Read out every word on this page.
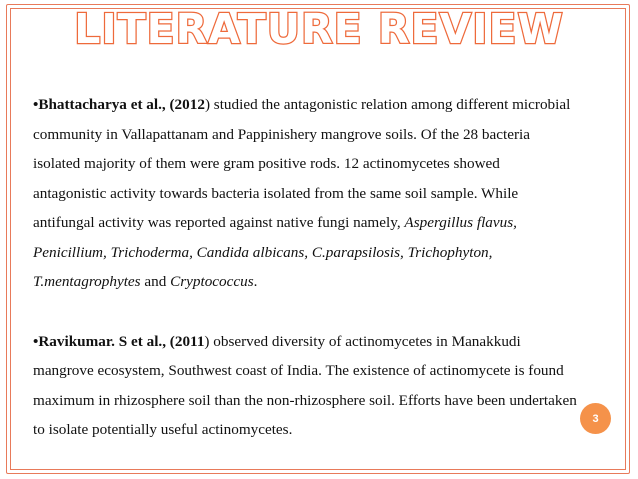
LITERATURE REVIEW
•Bhattacharya et al., (2012) studied the antagonistic relation among different microbial
community in Vallapattanam and Pappinishery mangrove soils. Of the 28 bacteria
isolated majority of them were gram positive rods. 12 actinomycetes showed
antagonistic activity towards bacteria isolated from the same soil sample. While
antifungal activity was reported against native fungi namely, Aspergillus flavus,
Penicillium, Trichoderma, Candida albicans, C.parapsilosis, Trichophyton,
T.mentagrophytes and Cryptococcus.
•Ravikumar. S et al., (2011) observed diversity of actinomycetes in Manakkudi
mangrove ecosystem, Southwest coast of India. The existence of actinomycete is found
maximum in rhizosphere soil than the non-rhizosphere soil. Efforts have been undertaken
to isolate potentially useful actinomycetes.
3
